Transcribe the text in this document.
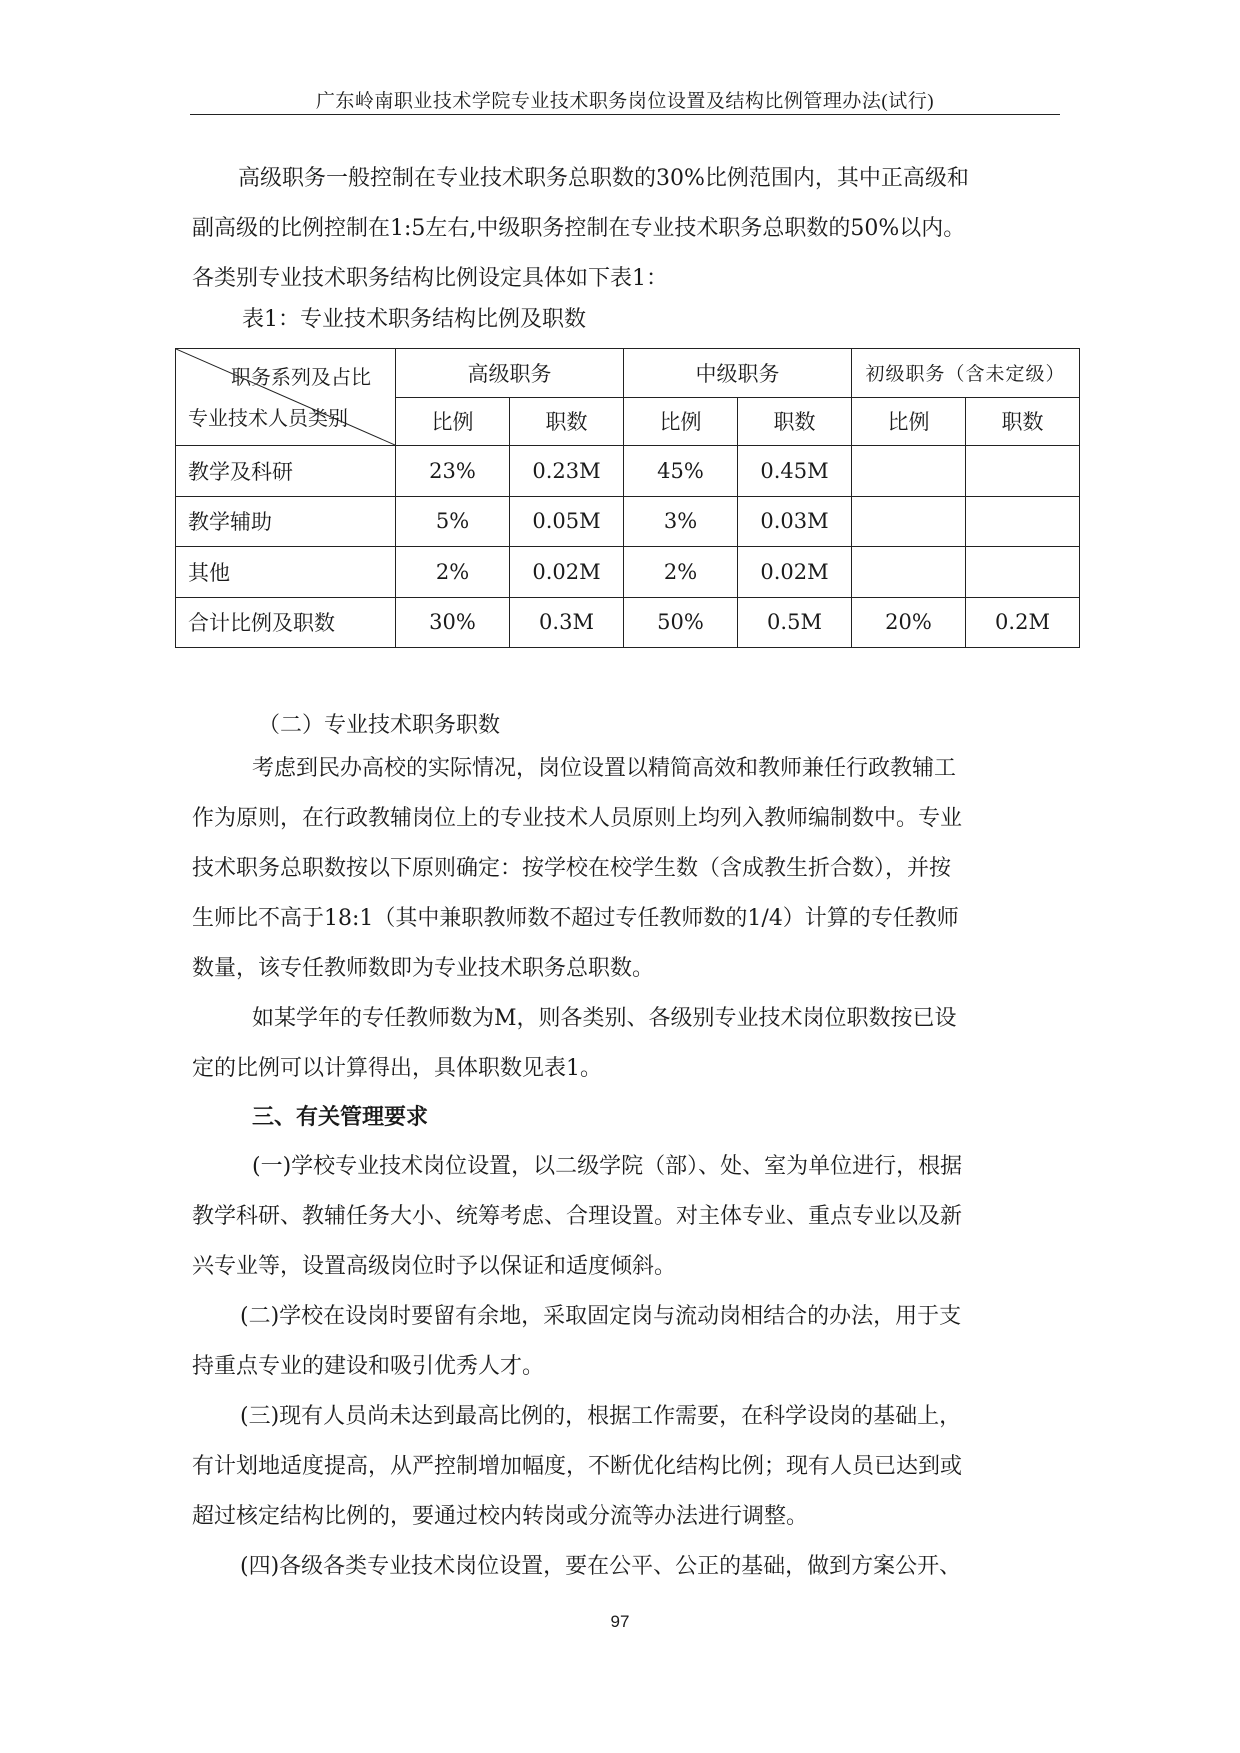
广东岭南职业技术学院专业技术职务岗位设置及结构比例管理办法(试行)

高级职务一般控制在专业技术职务总职数的30%比例范围内，其中正高级和
副高级的比例控制在1:5左右,中级职务控制在专业技术职务总职数的50%以内。
各类别专业技术职务结构比例设定具体如下表1：

表1：专业技术职务结构比例及职数
职务系列及占比
专业技术人员类别	高级职务		中级职务		初级职务（含未定级）	
	比例	职数	比例	职数	比例	职数
教学及科研	23%	0.23M	45%	0.45M		
教学辅助	5%	0.05M	3%	0.03M		
其他	2%	0.02M	2%	0.02M		
合计比例及职数	30%	0.3M	50%	0.5M	20%	0.2M
（二）专业技术职务职数

考虑到民办高校的实际情况，岗位设置以精简高效和教师兼任行政教辅工
作为原则，在行政教辅岗位上的专业技术人员原则上均列入教师编制数中。专业
技术职务总职数按以下原则确定：按学校在校学生数（含成教生折合数），并按
生师比不高于18:1（其中兼职教师数不超过专任教师数的1/4）计算的专任教师
数量，该专任教师数即为专业技术职务总职数。

如某学年的专任教师数为M，则各类别、各级别专业技术岗位职数按已设
定的比例可以计算得出，具体职数见表1。

三、有关管理要求

(一)学校专业技术岗位设置，以二级学院（部）、处、室为单位进行，根据
教学科研、教辅任务大小、统筹考虑、合理设置。对主体专业、重点专业以及新
兴专业等，设置高级岗位时予以保证和适度倾斜。

(二)学校在设岗时要留有余地，采取固定岗与流动岗相结合的办法，用于支
持重点专业的建设和吸引优秀人才。

(三)现有人员尚未达到最高比例的，根据工作需要，在科学设岗的基础上，
有计划地适度提高，从严控制增加幅度，不断优化结构比例；现有人员已达到或
超过核定结构比例的，要通过校内转岗或分流等办法进行调整。

(四)各级各类专业技术岗位设置，要在公平、公正的基础，做到方案公开、

97
